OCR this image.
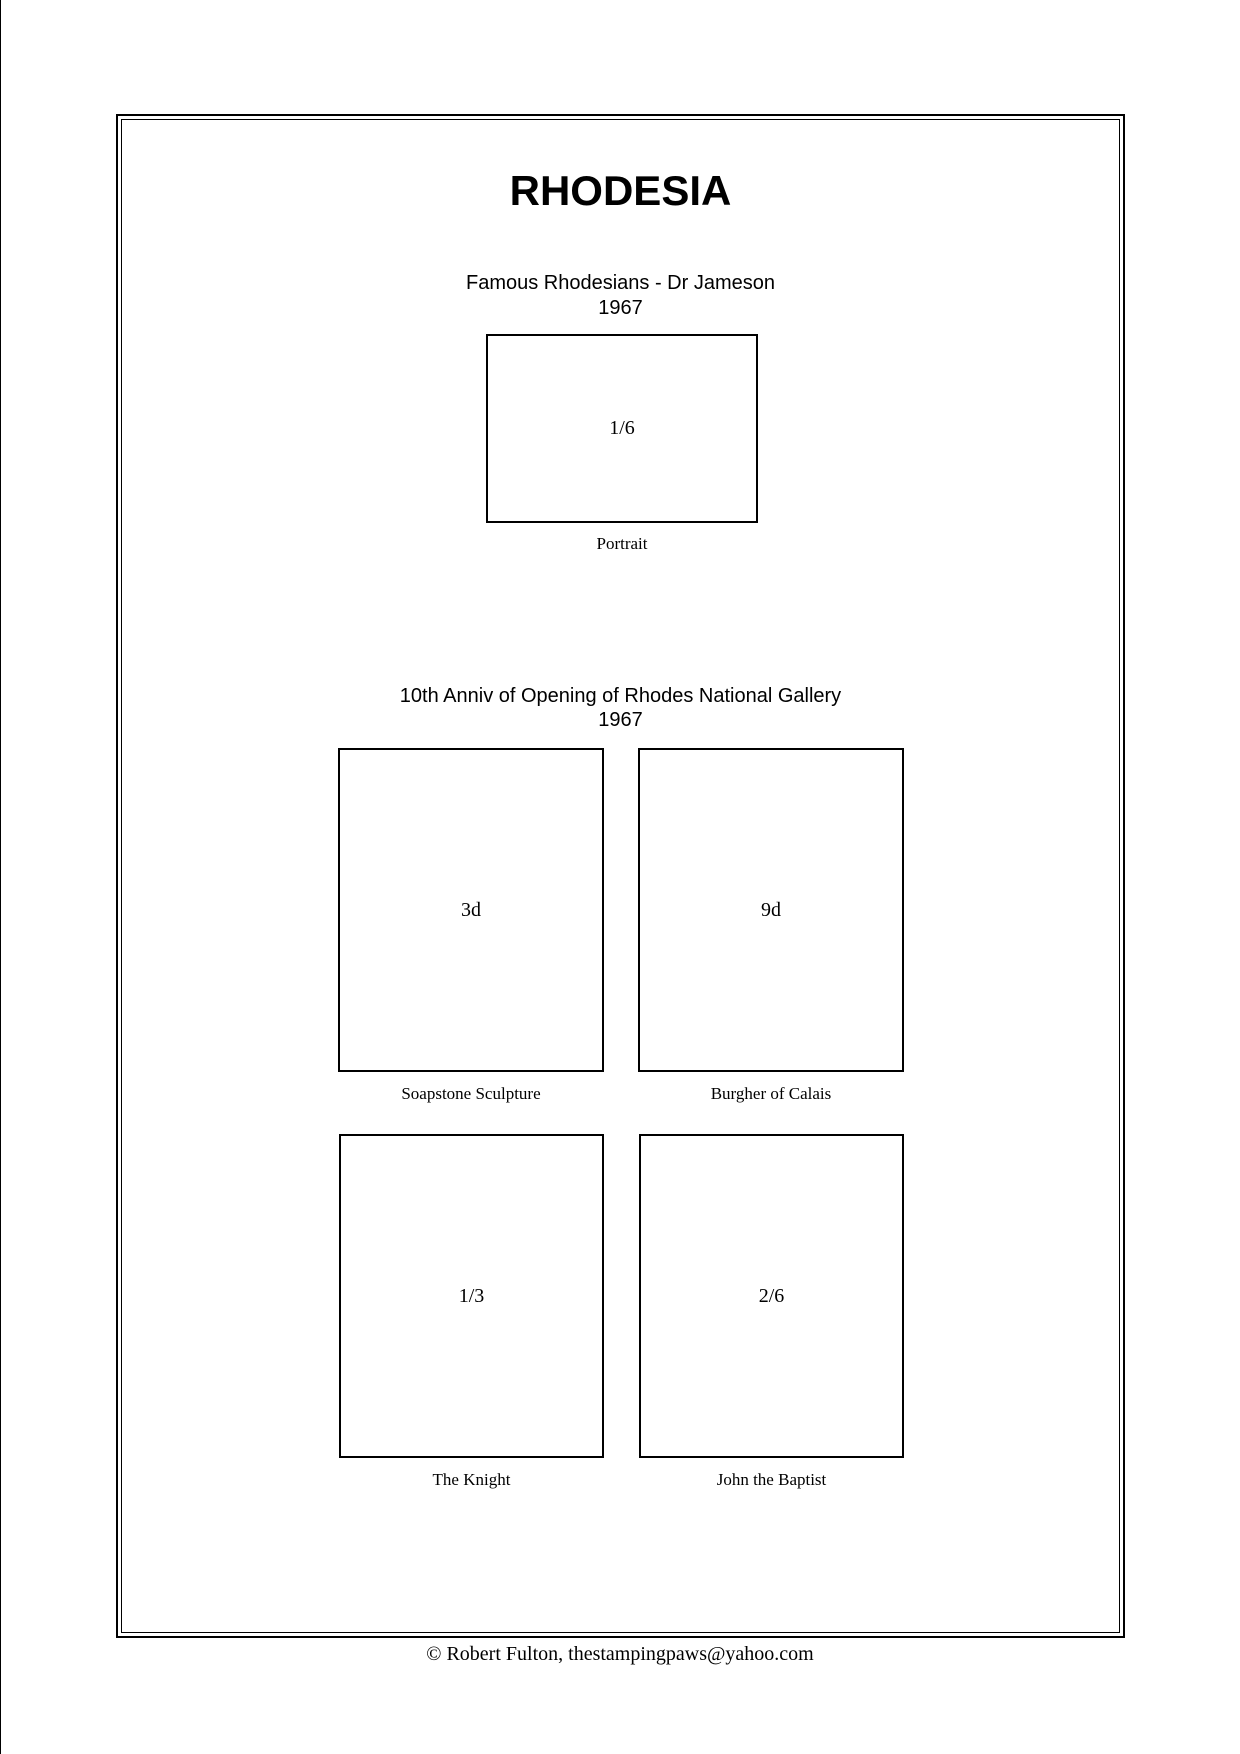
RHODESIA
Famous Rhodesians - Dr Jameson
1967
1/6
Portrait
10th Anniv of Opening of Rhodes National Gallery
1967
3d
Soapstone Sculpture
9d
Burgher of Calais
1/3
The Knight
2/6
John the Baptist
© Robert Fulton, thestampingpaws@yahoo.com
